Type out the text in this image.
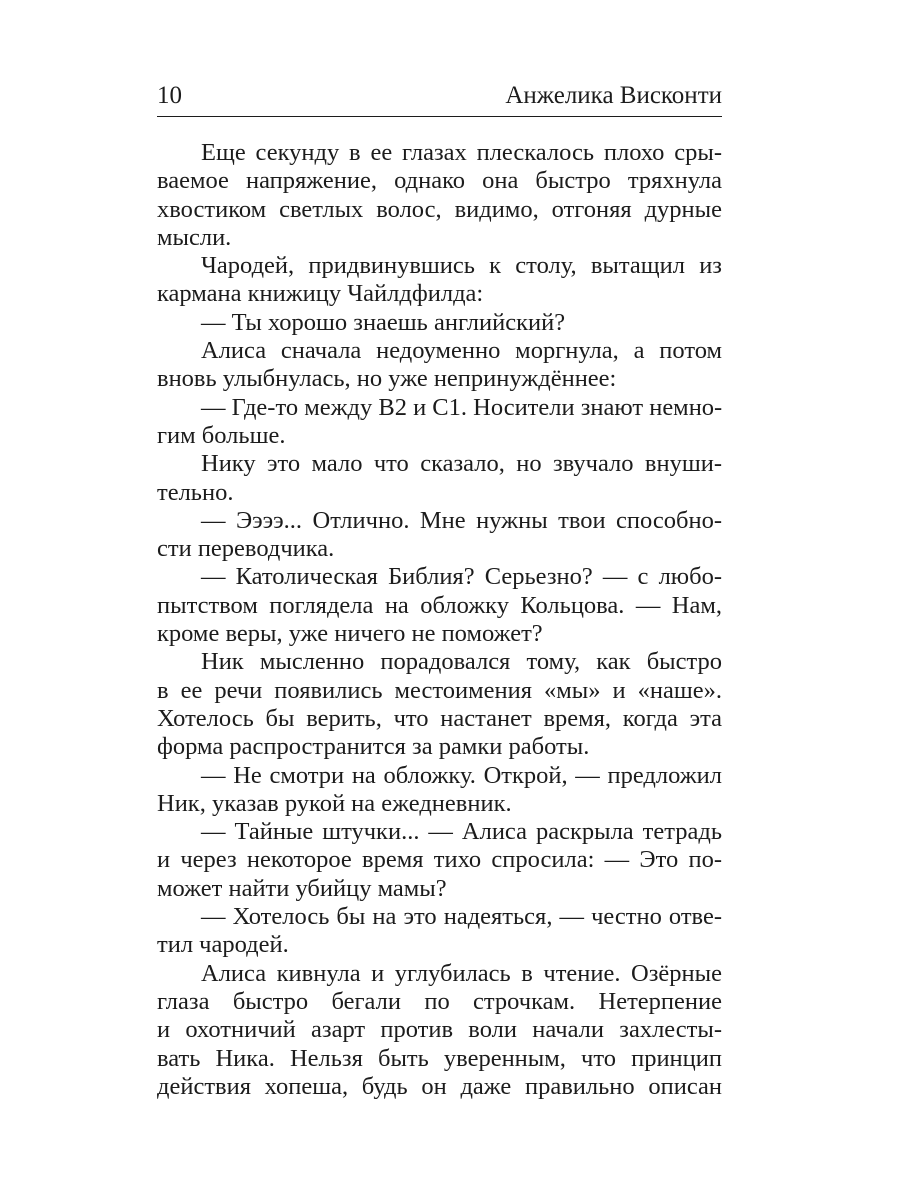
10	Анжелика Висконти
Еще секунду в ее глазах плескалось плохо сры-
ваемое напряжение, однако она быстро тряхнула
хвостиком светлых волос, видимо, отгоняя дурные
мысли.
Чародей, придвинувшись к столу, вытащил из
кармана книжицу Чайлдфилда:
— Ты хорошо знаешь английский?
Алиса сначала недоуменно моргнула, а потом
вновь улыбнулась, но уже непринуждённее:
— Где-то между B2 и C1. Носители знают немно-
гим больше.
Нику это мало что сказало, но звучало внуши-
тельно.
— Ээээ... Отлично. Мне нужны твои способно-
сти переводчика.
— Католическая Библия? Серьезно? — с любо-
пытством поглядела на обложку Кольцова. — Нам,
кроме веры, уже ничего не поможет?
Ник мысленно порадовался тому, как быстро
в ее речи появились местоимения «мы» и «наше».
Хотелось бы верить, что настанет время, когда эта
форма распространится за рамки работы.
— Не смотри на обложку. Открой, — предложил
Ник, указав рукой на ежедневник.
— Тайные штучки... — Алиса раскрыла тетрадь
и через некоторое время тихо спросила: — Это по-
может найти убийцу мамы?
— Хотелось бы на это надеяться, — честно отве-
тил чародей.
Алиса кивнула и углубилась в чтение. Озёрные
глаза быстро бегали по строчкам. Нетерпение
и охотничий азарт против воли начали захлесты-
вать Ника. Нельзя быть уверенным, что принцип
действия хопеша, будь он даже правильно описан
